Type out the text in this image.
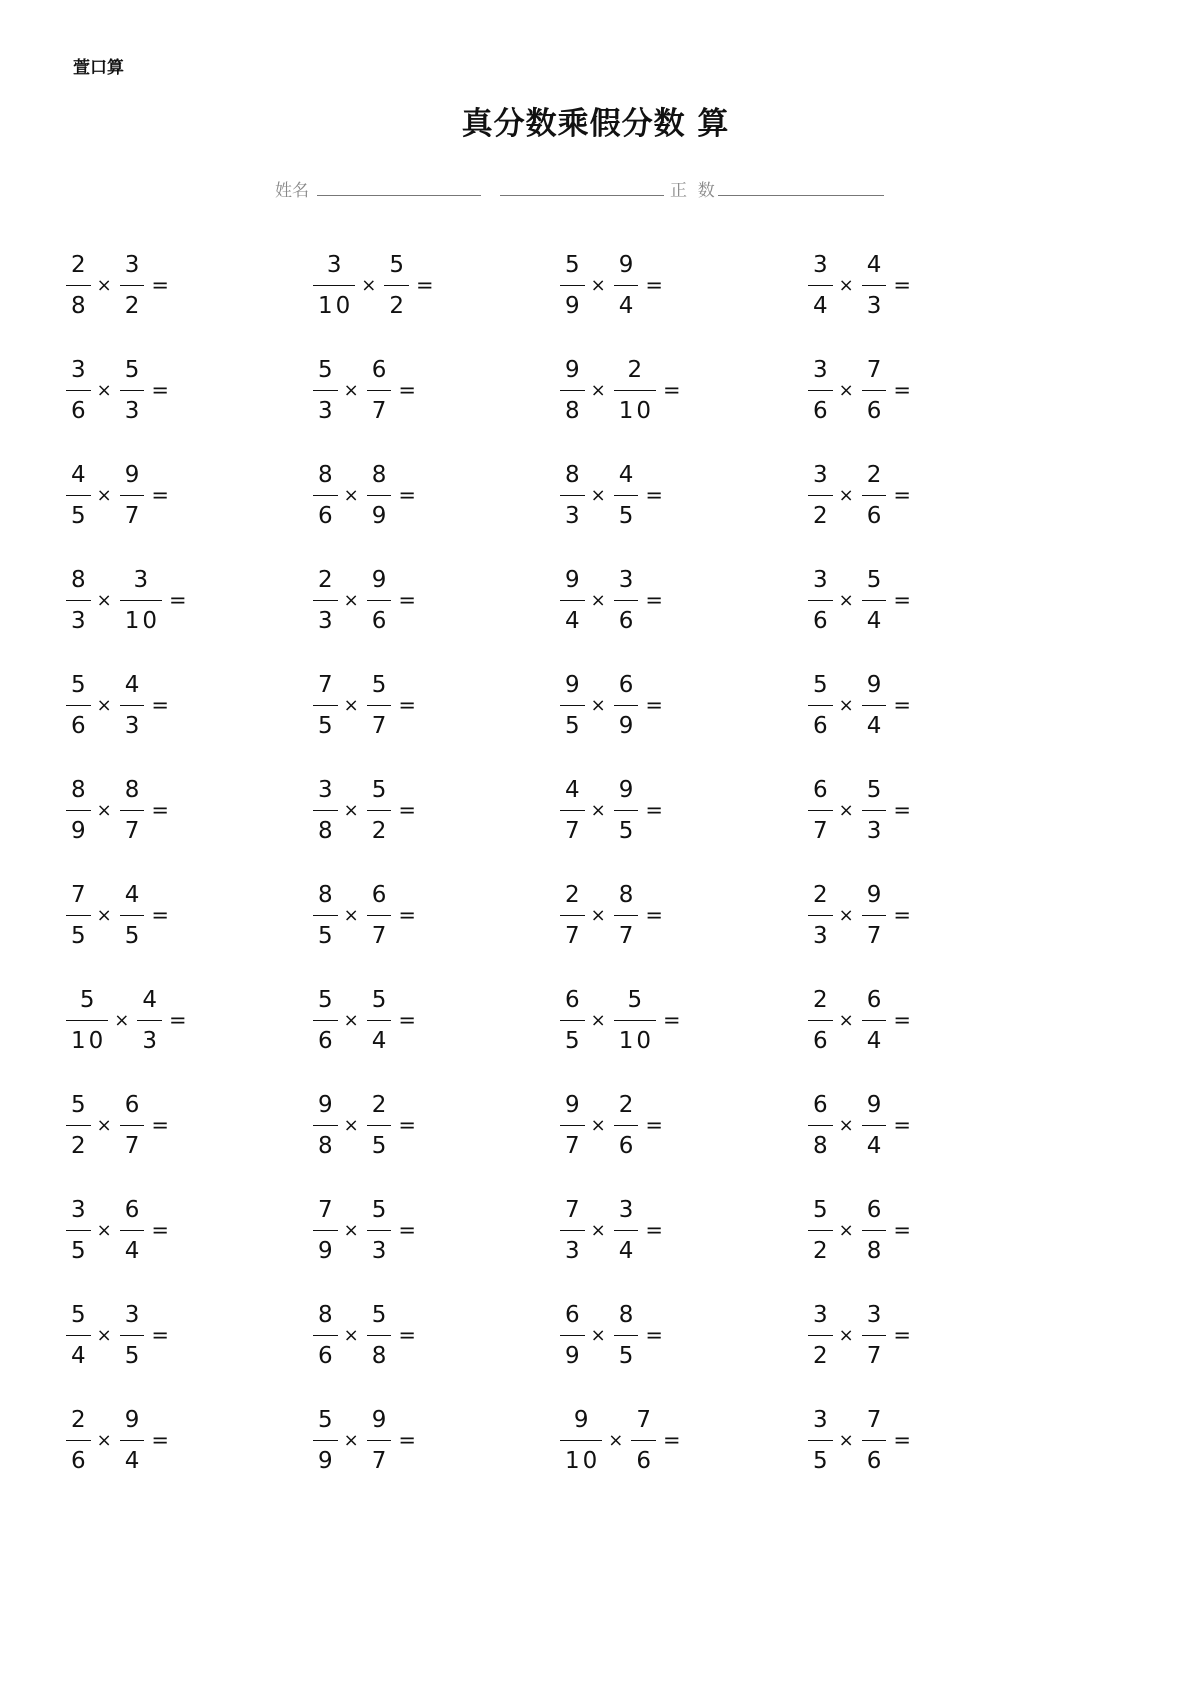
萱口算
真分数乘假分数 算
姓名	正  数
$\frac{2}{8} \times \frac{3}{2}$ =	$\frac{3}{10} \times \frac{5}{2}$ =	$\frac{5}{9} \times \frac{9}{4}$ =	$\frac{3}{4} \times \frac{4}{3}$ =
$\frac{3}{6} \times \frac{5}{3}$ =	$\frac{5}{3} \times \frac{6}{7}$ =	$\frac{9}{8} \times \frac{2}{10}$ =	$\frac{3}{6} \times \frac{7}{6}$ =
$\frac{4}{5} \times \frac{9}{7}$ =	$\frac{8}{6} \times \frac{8}{9}$ =	$\frac{8}{3} \times \frac{4}{5}$ =	$\frac{3}{2} \times \frac{2}{6}$ =
$\frac{8}{3} \times \frac{3}{10}$ =	$\frac{2}{3} \times \frac{9}{6}$ =	$\frac{9}{4} \times \frac{3}{6}$ =	$\frac{3}{6} \times \frac{5}{4}$ =
$\frac{5}{6} \times \frac{4}{3}$ =	$\frac{7}{5} \times \frac{5}{7}$ =	$\frac{9}{5} \times \frac{6}{9}$ =	$\frac{5}{6} \times \frac{9}{4}$ =
$\frac{8}{9} \times \frac{8}{7}$ =	$\frac{3}{8} \times \frac{5}{2}$ =	$\frac{4}{7} \times \frac{9}{5}$ =	$\frac{6}{7} \times \frac{5}{3}$ =
$\frac{7}{5} \times \frac{4}{5}$ =	$\frac{8}{5} \times \frac{6}{7}$ =	$\frac{2}{7} \times \frac{8}{7}$ =	$\frac{2}{3} \times \frac{9}{7}$ =
$\frac{5}{10} \times \frac{4}{3}$ =	$\frac{5}{6} \times \frac{5}{4}$ =	$\frac{6}{5} \times \frac{5}{10}$ =	$\frac{2}{6} \times \frac{6}{4}$ =
$\frac{5}{2} \times \frac{6}{7}$ =	$\frac{9}{8} \times \frac{2}{5}$ =	$\frac{9}{7} \times \frac{2}{6}$ =	$\frac{6}{8} \times \frac{9}{4}$ =
$\frac{3}{5} \times \frac{6}{4}$ =	$\frac{7}{9} \times \frac{5}{3}$ =	$\frac{7}{3} \times \frac{3}{4}$ =	$\frac{5}{2} \times \frac{6}{8}$ =
$\frac{5}{4} \times \frac{3}{5}$ =	$\frac{8}{6} \times \frac{5}{8}$ =	$\frac{6}{9} \times \frac{8}{5}$ =	$\frac{3}{2} \times \frac{3}{7}$ =
$\frac{2}{6} \times \frac{9}{4}$ =	$\frac{5}{9} \times \frac{9}{7}$ =	$\frac{9}{10} \times \frac{7}{6}$ =	$\frac{3}{5} \times \frac{7}{6}$ =
